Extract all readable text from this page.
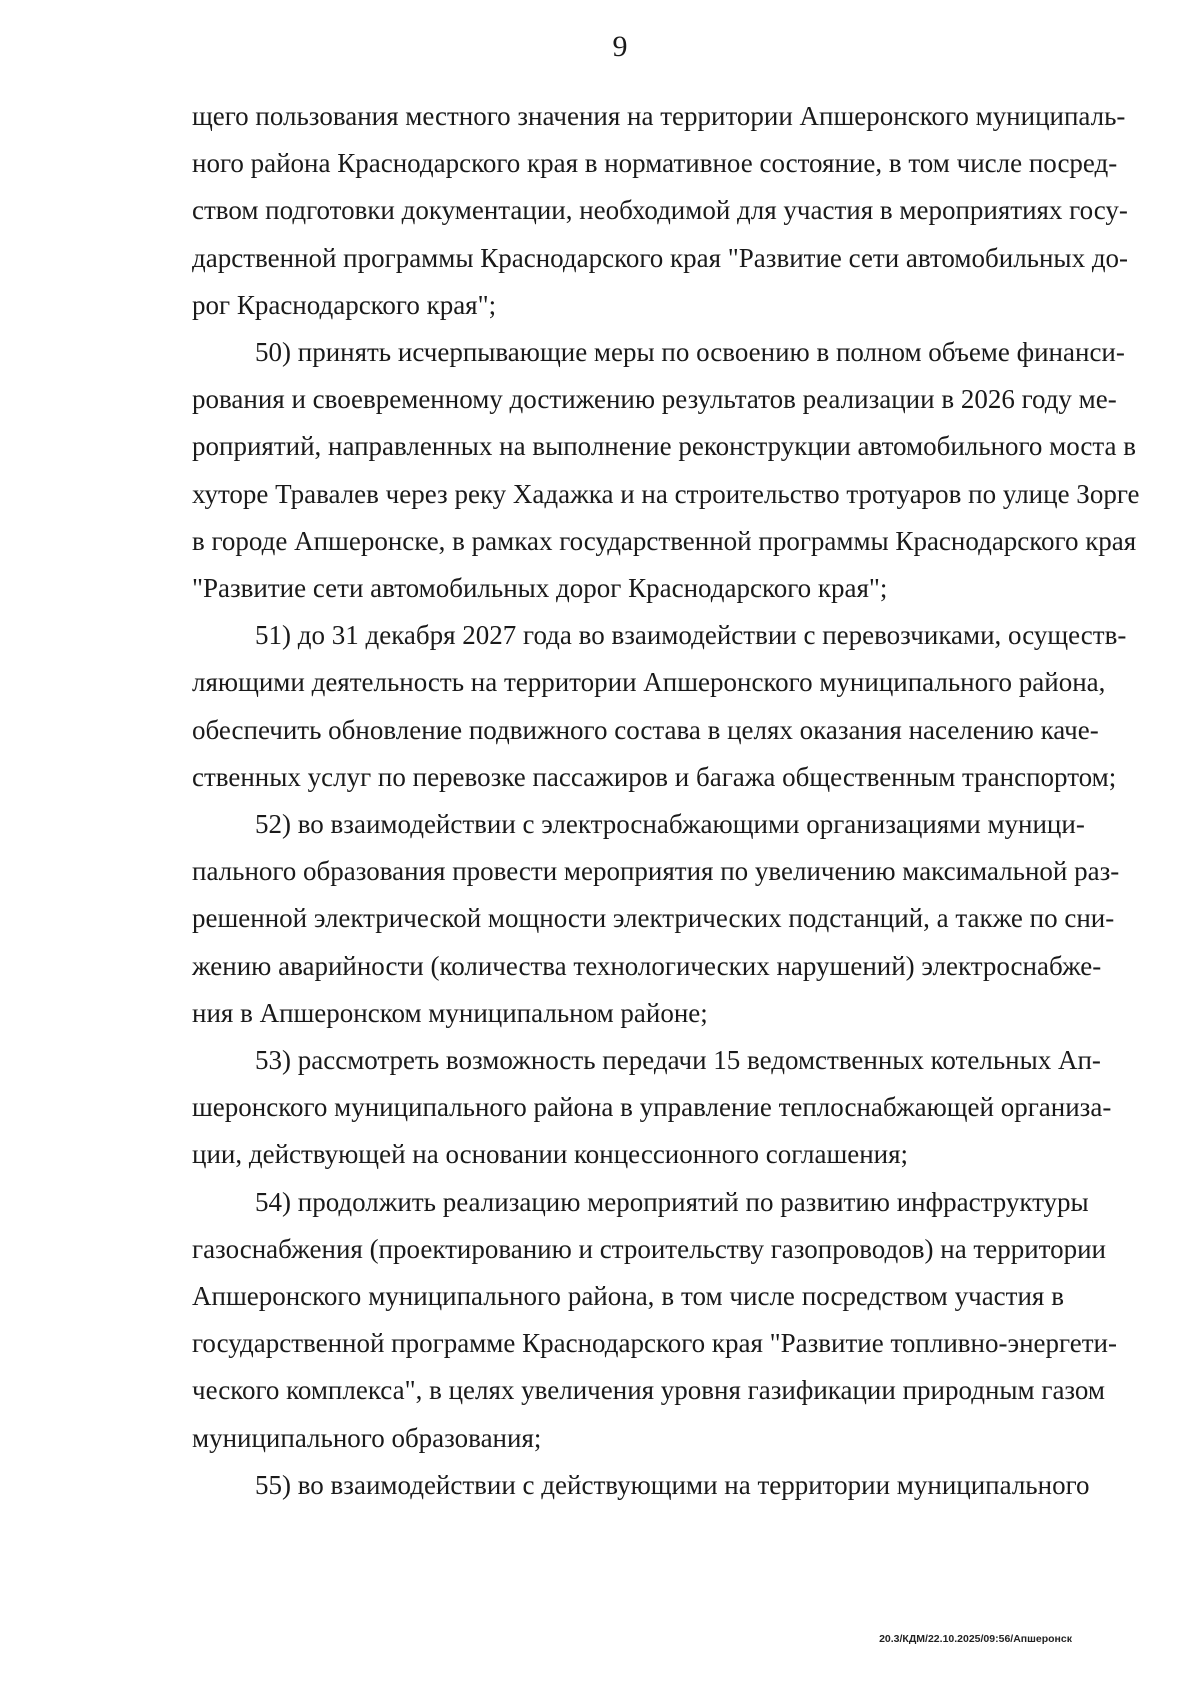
9
щего пользования местного значения на территории Апшеронского муниципаль-
ного района Краснодарского края в нормативное состояние, в том числе посред-
ством подготовки документации, необходимой для участия в мероприятиях госу-
дарственной программы Краснодарского края "Развитие сети автомобильных до-
рог Краснодарского края";
50) принять исчерпывающие меры по освоению в полном объеме финанси-
рования и своевременному достижению результатов реализации в 2026 году ме-
роприятий, направленных на выполнение реконструкции автомобильного моста в
хуторе Травалев через реку Хадажка и на строительство тротуаров по улице Зорге
в городе Апшеронске, в рамках государственной программы Краснодарского края
"Развитие сети автомобильных дорог Краснодарского края";
51) до 31 декабря 2027 года во взаимодействии с перевозчиками, осуществ-
ляющими деятельность на территории Апшеронского муниципального района,
обеспечить обновление подвижного состава в целях оказания населению каче-
ственных услуг по перевозке пассажиров и багажа общественным транспортом;
52) во взаимодействии с электроснабжающими организациями муници-
пального образования провести мероприятия по увеличению максимальной раз-
решенной электрической мощности электрических подстанций, а также по сни-
жению аварийности (количества технологических нарушений) электроснабже-
ния в Апшеронском муниципальном районе;
53) рассмотреть возможность передачи 15 ведомственных котельных Ап-
шеронского муниципального района в управление теплоснабжающей организа-
ции, действующей на основании концессионного соглашения;
54) продолжить реализацию мероприятий по развитию инфраструктуры
газоснабжения (проектированию и строительству газопроводов) на территории
Апшеронского муниципального района, в том числе посредством участия в
государственной программе Краснодарского края "Развитие топливно-энергети-
ческого комплекса", в целях увеличения уровня газификации природным газом
муниципального образования;
55) во взаимодействии с действующими на территории муниципального
20.3/КДМ/22.10.2025/09:56/Апшеронск
